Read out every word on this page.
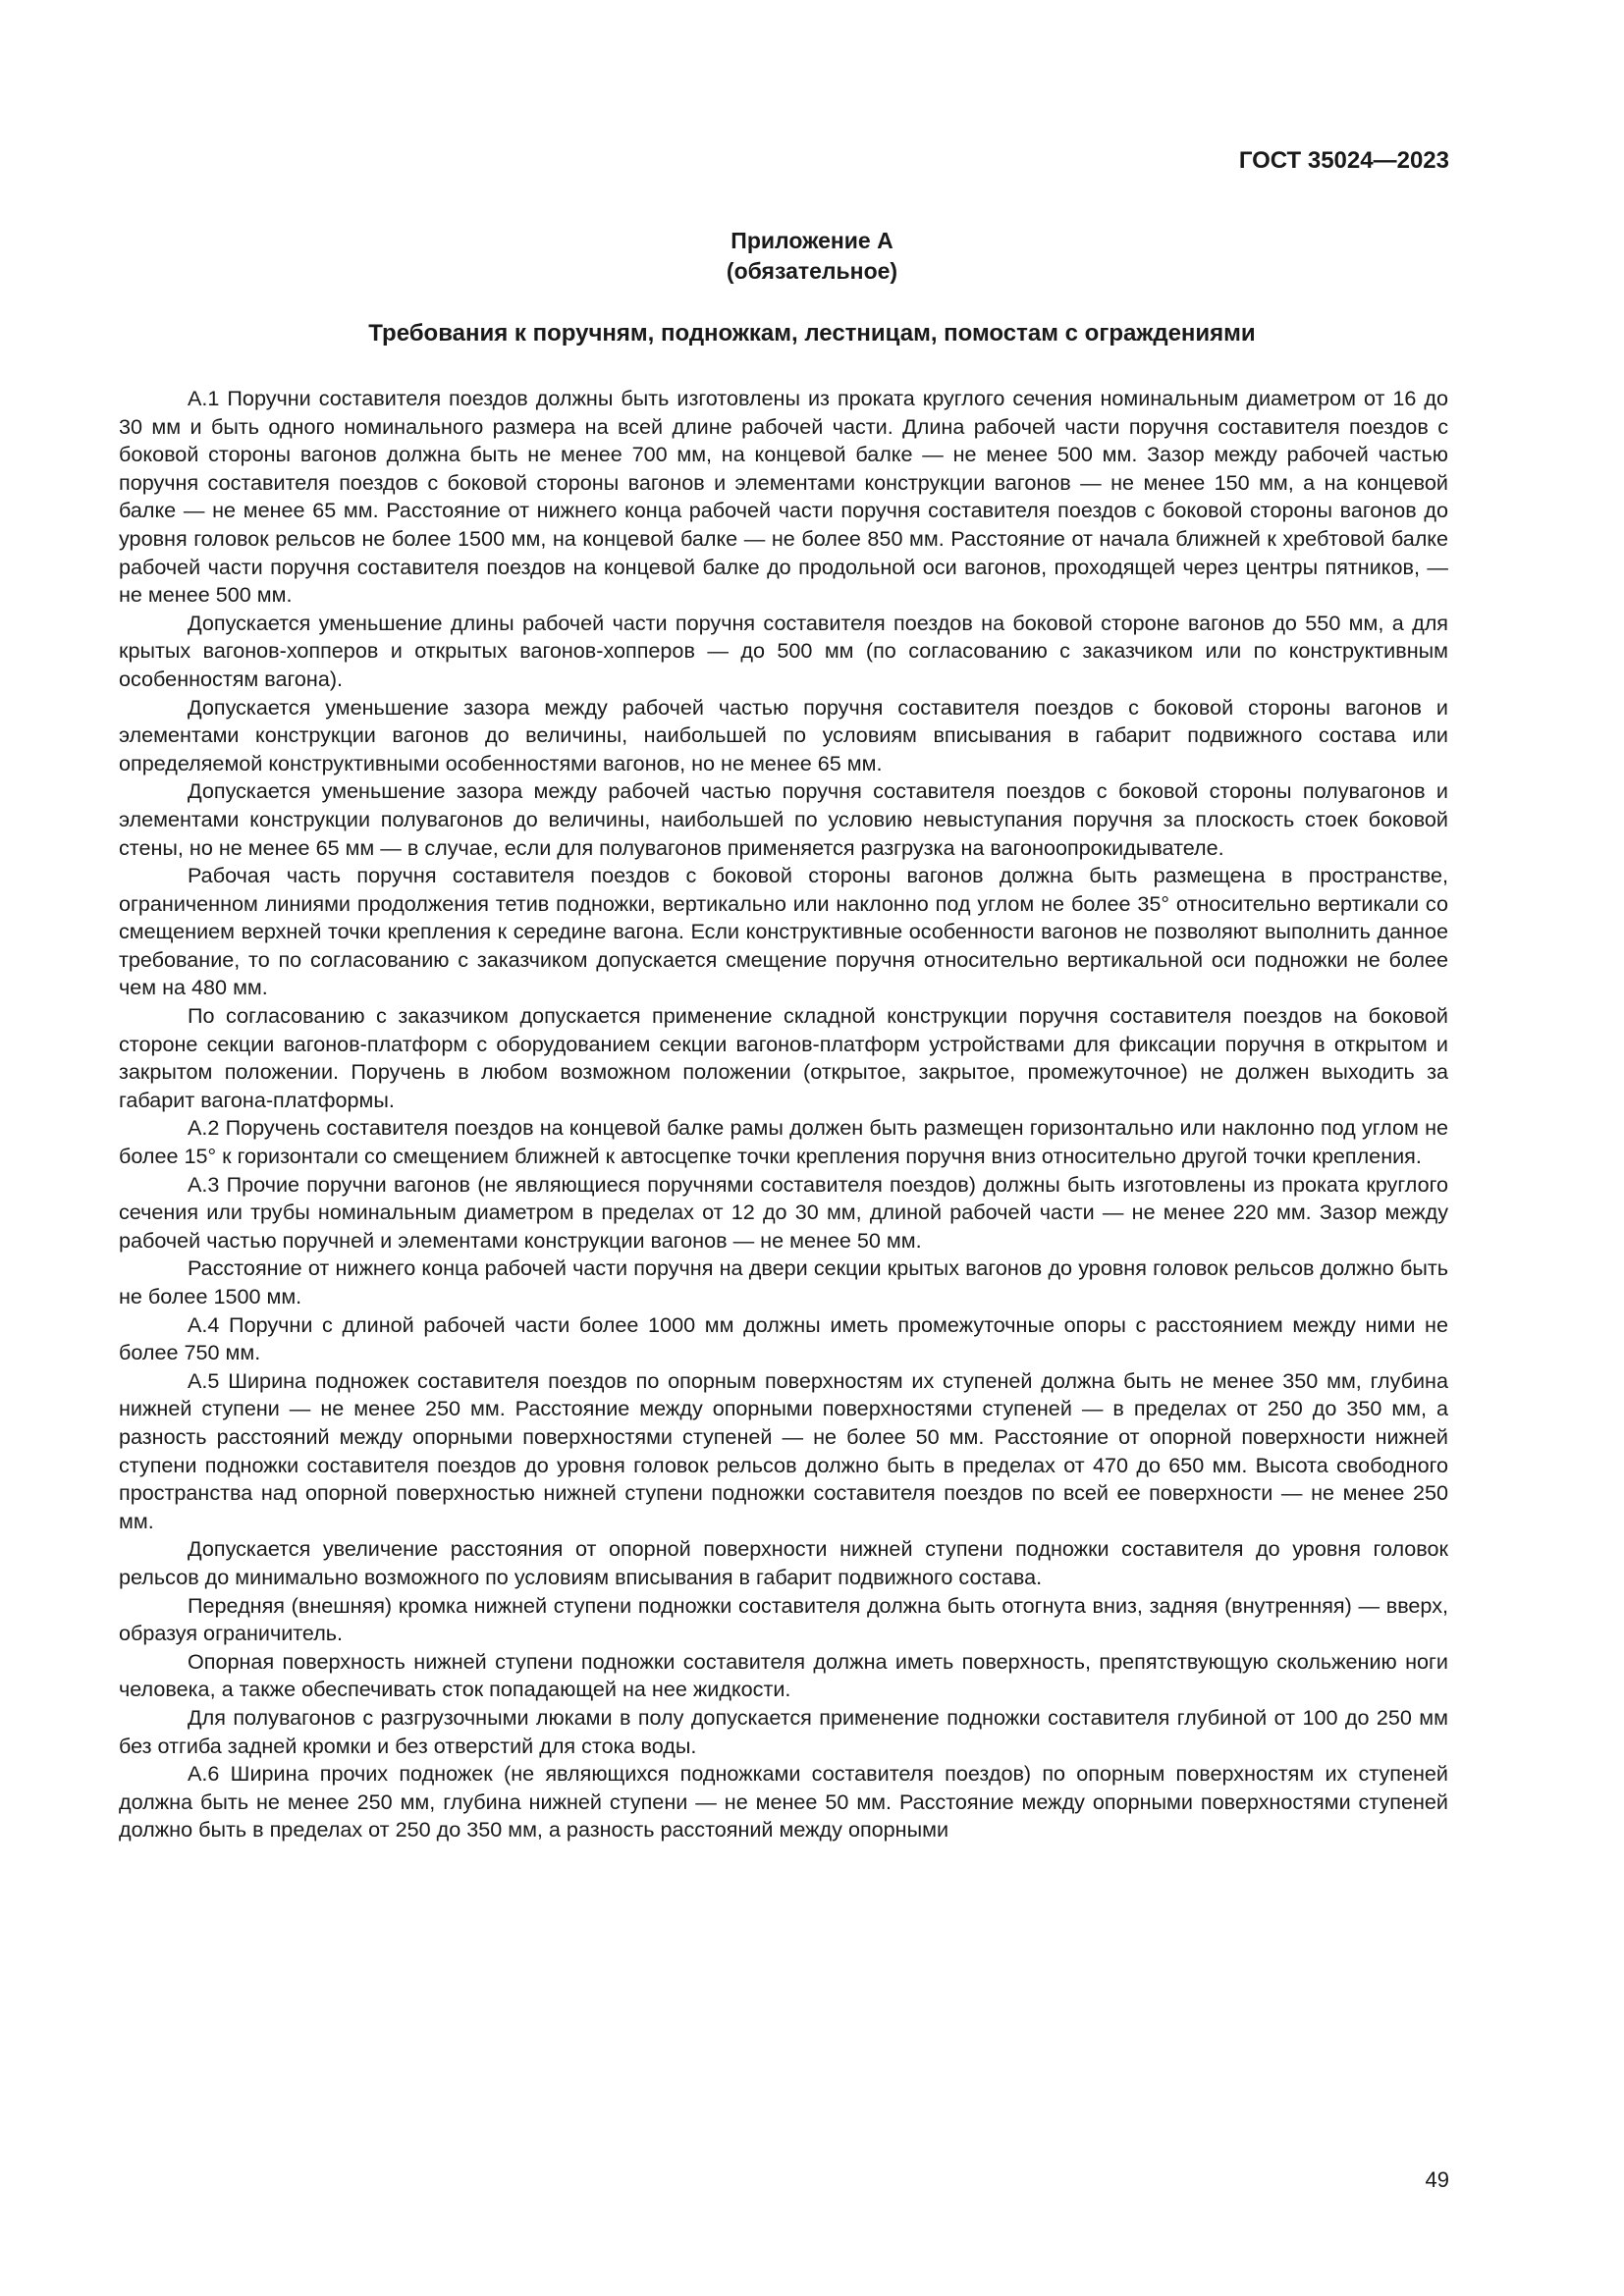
ГОСТ 35024—2023
Приложение А
(обязательное)
Требования к поручням, подножкам, лестницам, помостам с ограждениями

А.1 Поручни составителя поездов должны быть изготовлены из проката круглого сечения номинальным диаметром от 16 до 30 мм и быть одного номинального размера на всей длине рабочей части. Длина рабочей части поручня составителя поездов с боковой стороны вагонов должна быть не менее 700 мм, на концевой балке — не менее 500 мм. Зазор между рабочей частью поручня составителя поездов с боковой стороны вагонов и элементами конструкции вагонов — не менее 150 мм, а на концевой балке — не менее 65 мм. Расстояние от нижнего конца рабочей части поручня составителя поездов с боковой стороны вагонов до уровня головок рельсов не более 1500 мм, на концевой балке — не более 850 мм. Расстояние от начала ближней к хребтовой балке рабочей части поручня составителя поездов на концевой балке до продольной оси вагонов, проходящей через центры пятников, — не менее 500 мм.

Допускается уменьшение длины рабочей части поручня составителя поездов на боковой стороне вагонов до 550 мм, а для крытых вагонов-хопперов и открытых вагонов-хопперов — до 500 мм (по согласованию с заказчиком или по конструктивным особенностям вагона).

Допускается уменьшение зазора между рабочей частью поручня составителя поездов с боковой стороны вагонов и элементами конструкции вагонов до величины, наибольшей по условиям вписывания в габарит подвижного состава или определяемой конструктивными особенностями вагонов, но не менее 65 мм.

Допускается уменьшение зазора между рабочей частью поручня составителя поездов с боковой стороны полувагонов и элементами конструкции полувагонов до величины, наибольшей по условию невыступания поручня за плоскость стоек боковой стены, но не менее 65 мм — в случае, если для полувагонов применяется разгрузка на вагоноопрокидывателе.

Рабочая часть поручня составителя поездов с боковой стороны вагонов должна быть размещена в пространстве, ограниченном линиями продолжения тетив подножки, вертикально или наклонно под углом не более 35° относительно вертикали со смещением верхней точки крепления к середине вагона. Если конструктивные особенности вагонов не позволяют выполнить данное требование, то по согласованию с заказчиком допускается смещение поручня относительно вертикальной оси подножки не более чем на 480 мм.

По согласованию с заказчиком допускается применение складной конструкции поручня составителя поездов на боковой стороне секции вагонов-платформ с оборудованием секции вагонов-платформ устройствами для фиксации поручня в открытом и закрытом положении. Поручень в любом возможном положении (открытое, закрытое, промежуточное) не должен выходить за габарит вагона-платформы.

А.2 Поручень составителя поездов на концевой балке рамы должен быть размещен горизонтально или наклонно под углом не более 15° к горизонтали со смещением ближней к автосцепке точки крепления поручня вниз относительно другой точки крепления.

А.3 Прочие поручни вагонов (не являющиеся поручнями составителя поездов) должны быть изготовлены из проката круглого сечения или трубы номинальным диаметром в пределах от 12 до 30 мм, длиной рабочей части — не менее 220 мм. Зазор между рабочей частью поручней и элементами конструкции вагонов — не менее 50 мм.

Расстояние от нижнего конца рабочей части поручня на двери секции крытых вагонов до уровня головок рельсов должно быть не более 1500 мм.

А.4 Поручни с длиной рабочей части более 1000 мм должны иметь промежуточные опоры с расстоянием между ними не более 750 мм.

А.5 Ширина подножек составителя поездов по опорным поверхностям их ступеней должна быть не менее 350 мм, глубина нижней ступени — не менее 250 мм. Расстояние между опорными поверхностями ступеней — в пределах от 250 до 350 мм, а разность расстояний между опорными поверхностями ступеней — не более 50 мм. Расстояние от опорной поверхности нижней ступени подножки составителя поездов до уровня головок рельсов должно быть в пределах от 470 до 650 мм. Высота свободного пространства над опорной поверхностью нижней ступени подножки составителя поездов по всей ее поверхности — не менее 250 мм.

Допускается увеличение расстояния от опорной поверхности нижней ступени подножки составителя до уровня головок рельсов до минимально возможного по условиям вписывания в габарит подвижного состава.

Передняя (внешняя) кромка нижней ступени подножки составителя должна быть отогнута вниз, задняя (внутренняя) — вверх, образуя ограничитель.

Опорная поверхность нижней ступени подножки составителя должна иметь поверхность, препятствующую скольжению ноги человека, а также обеспечивать сток попадающей на нее жидкости.

Для полувагонов с разгрузочными люками в полу допускается применение подножки составителя глубиной от 100 до 250 мм без отгиба задней кромки и без отверстий для стока воды.

А.6 Ширина прочих подножек (не являющихся подножками составителя поездов) по опорным поверхностям их ступеней должна быть не менее 250 мм, глубина нижней ступени — не менее 50 мм. Расстояние между опорными поверхностями ступеней должно быть в пределах от 250 до 350 мм, а разность расстояний между опорными

49
